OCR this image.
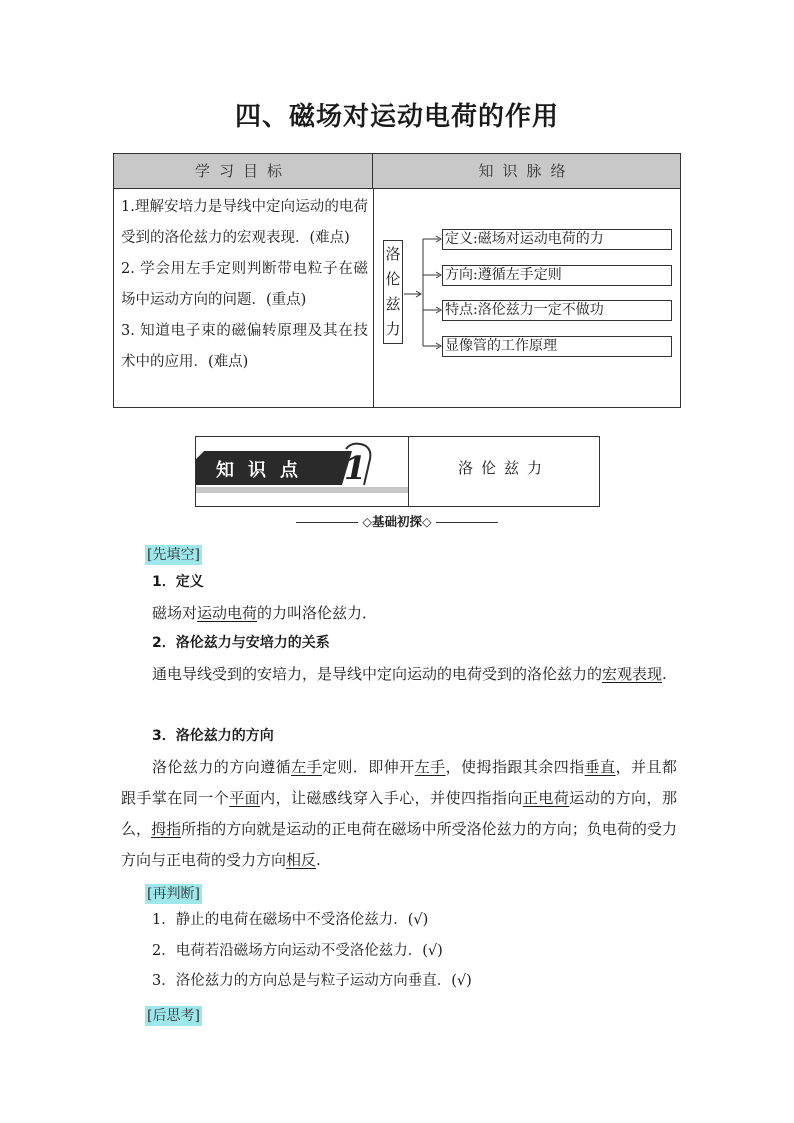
四、磁场对运动电荷的作用
学习目标	知识脉络

1.理解安培力是导线中定向运动的电荷受到的洛伦兹力的宏观表现．(难点)

2. 学会用左手定则判断带电粒子在磁场中运动方向的问题．(重点)

3. 知道电子束的磁偏转原理及其在技术中的应用．(难点)

洛
伦
兹
力
定义:磁场对运动电荷的力
方向:遵循左手定则
特点:洛伦兹力一定不做功
显像管的工作原理
知识点 1	洛伦兹力
◇基础初探◇
[先填空]

1．定义

磁场对运动电荷的力叫洛伦兹力．

2．洛伦兹力与安培力的关系

通电导线受到的安培力，是导线中定向运动的电荷受到的洛伦兹力的宏观表现.

3．洛伦兹力的方向

洛伦兹力的方向遵循左手定则．即伸开左手，使拇指跟其余四指垂直，并且都跟手掌在同一个平面内，让磁感线穿入手心，并使四指指向正电荷运动的方向，那么，拇指所指的方向就是运动的正电荷在磁场中所受洛伦兹力的方向；负电荷的受力方向与正电荷的受力方向相反.

[再判断]

1．静止的电荷在磁场中不受洛伦兹力．(√)

2．电荷若沿磁场方向运动不受洛伦兹力．(√)

3．洛伦兹力的方向总是与粒子运动方向垂直．(√)

[后思考]
